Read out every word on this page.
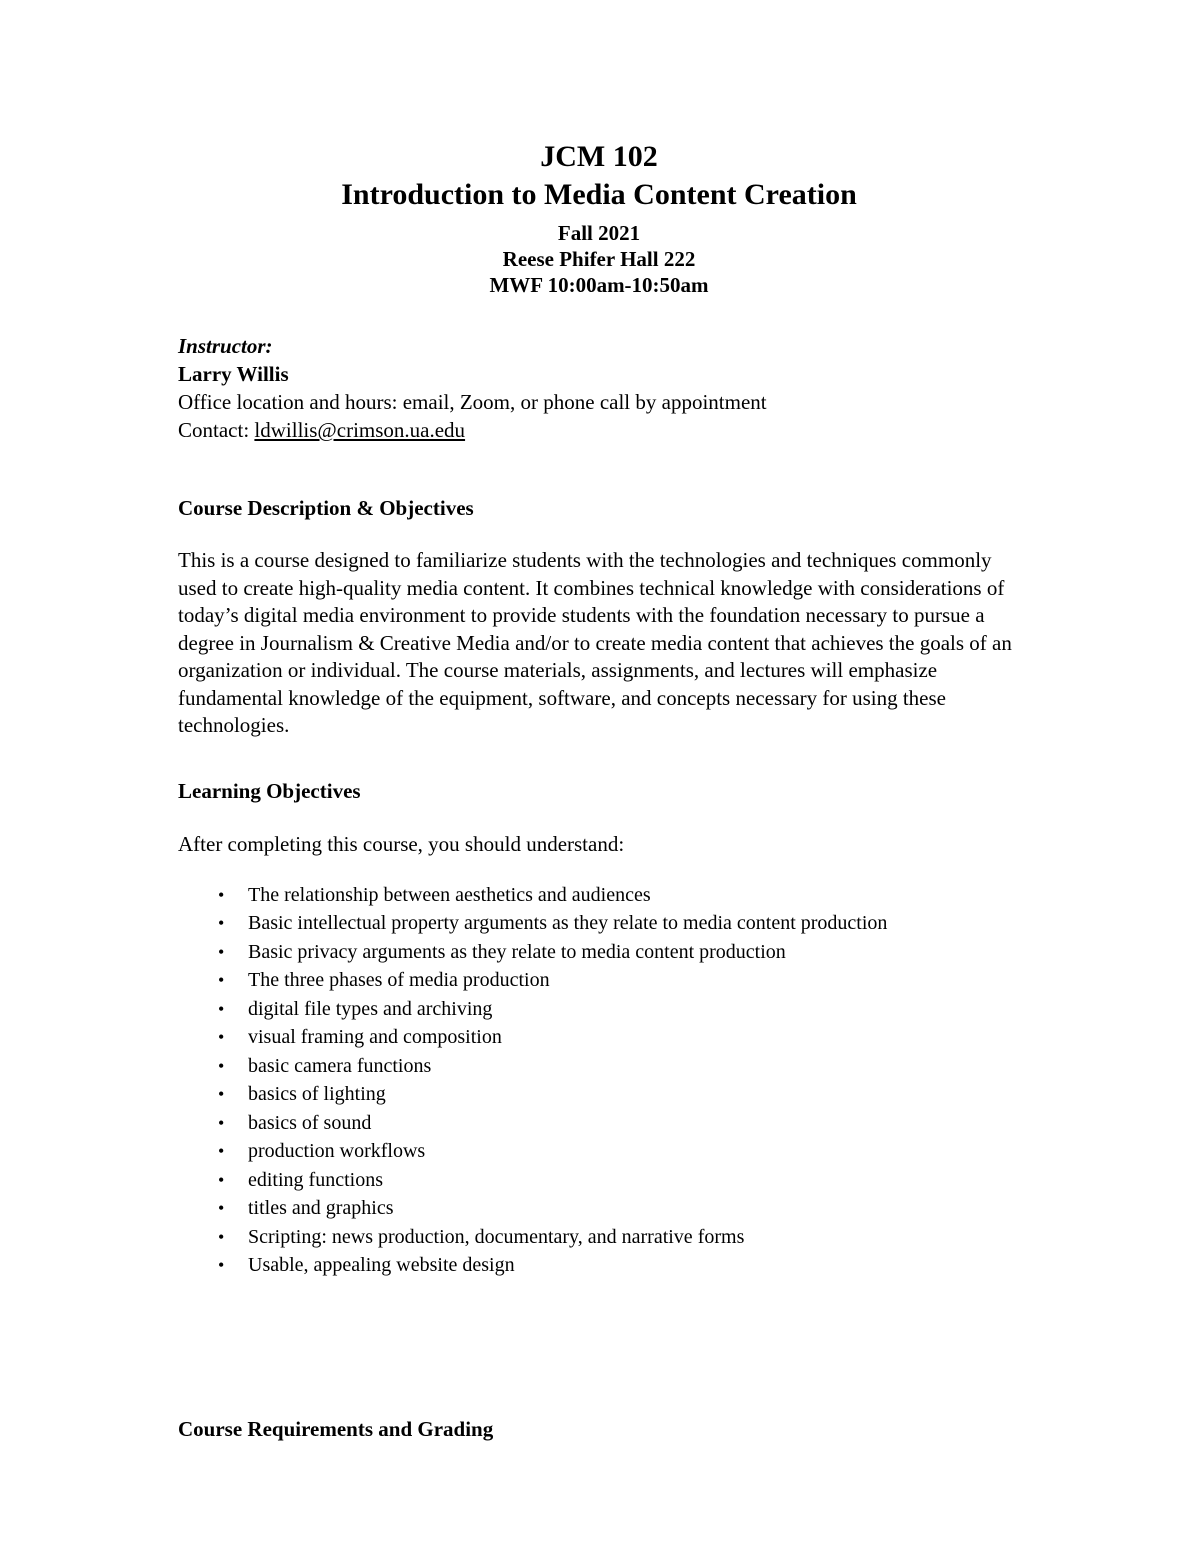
JCM 102

Introduction to Media Content Creation

Fall 2021

Reese Phifer Hall 222

MWF 10:00am-10:50am

Instructor:
Larry Willis
Office location and hours: email, Zoom, or phone call by appointment
Contact: ldwillis@crimson.ua.edu
Course Description & Objectives

This is a course designed to familiarize students with the technologies and techniques commonly used to create high-quality media content. It combines technical knowledge with considerations of today’s digital media environment to provide students with the foundation necessary to pursue a degree in Journalism & Creative Media and/or to create media content that achieves the goals of an organization or individual. The course materials, assignments, and lectures will emphasize fundamental knowledge of the equipment, software, and concepts necessary for using these technologies.

Learning Objectives

After completing this course, you should understand:

• The relationship between aesthetics and audiences
• Basic intellectual property arguments as they relate to media content production
• Basic privacy arguments as they relate to media content production
• The three phases of media production
• digital file types and archiving
• visual framing and composition
• basic camera functions
• basics of lighting
• basics of sound
• production workflows
• editing functions
• titles and graphics
• Scripting: news production, documentary, and narrative forms
• Usable, appealing website design
Course Requirements and Grading
